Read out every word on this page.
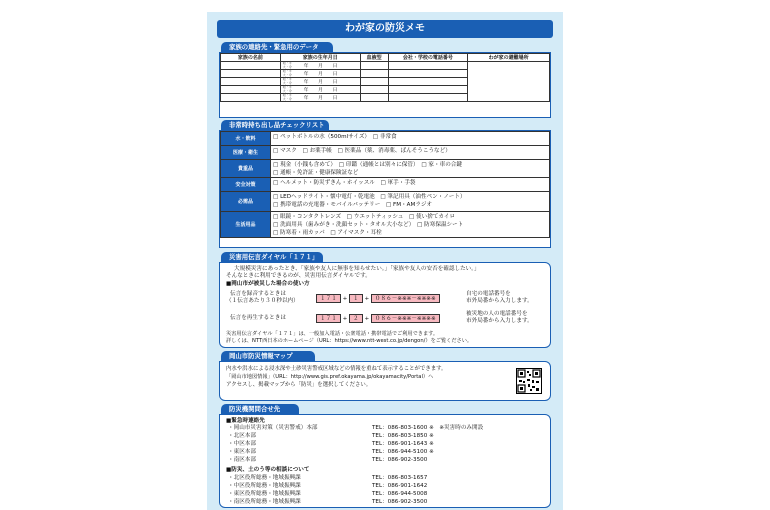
わが家の防災メモ
家族の連絡先・緊急用のデータ
家族の名前	家族の生年月日	血液型	会社・学校の電話番号	わが家の避難場所
	昭・平
大・令 年　　月　　日			
	昭・平
大・令 年　　月　　日			
	昭・平
大・令 年　　月　　日			
	昭・平
大・令 年　　月　　日			
	昭・平
大・令 年　　月　　日			
非常時持ち出し品チェックリスト
水・飲料	□ ペットボトルの水（500mlサイズ）　□ 非常食

医療・衛生	□ マスク　□ お薬手帳　□ 医薬品（薬、消毒薬、ばんそうこうなど）

貴重品	□ 現金（小銭も含めて）　□ 印鑑（通帳とは別々に保管）　□ 家・車の合鍵
□ 通帳・免許証・健康保険証など

安全対策	□ ヘルメット・防災ずきん・ホイッスル　□ 軍手・手袋

必需品	□ LEDヘッドライト・懐中電灯・乾電池　□ 筆記用具（油性ペン・ノート）
□ 携帯電話の充電器・モバイルバッテリー　□ FM・AMラジオ

生活用品	□ 眼鏡・コンタクトレンズ　□ ウエットティッシュ　□ 使い捨てカイロ
□ 洗面用具（歯みがき・洗顔セット・タオル大小など）　□ 防寒保温シート
□ 防寒着・雨カッパ　□ アイマスク・耳栓
災害用伝言ダイヤル「１７１」
大規模災害にあったとき、「家族や友人に無事を知らせたい。」「家族や友人の安否を確認したい。」
そんなときに利用できるのが、災害用伝言ダイヤルです。
■岡山市が被災した場合の使い方
伝言を録音するときは
（１伝言あたり３０秒以内）	１７１ + １ + ０８６－※※※－※※※※
自宅の電話番号を
市外局番から入力します。
伝言を再生するときは	１７１ + ２ + ０８６－※※※－※※※※
被災地の人の電話番号を
市外局番から入力します。
災害用伝言ダイヤル「１７１」は、一般加入電話・公衆電話・携帯電話でご利用できます。
詳しくは、NTT西日本のホームページ（URL：https://www.ntt-west.co.jp/dengon/）をご覧ください。
岡山市防災情報マップ
内水や洪水による浸水深や土砂災害警戒区域などの情報を重ねて表示することができます。
「岡山市地図情報」（URL：http://www.gis.pref.okayama.jp/okayamacity/Portal）へ
アクセスし、掲載マップから「防災」を選択してください。
防災機関問合せ先
■緊急時連絡先
・岡山市災害対策（災害警戒）本部	TEL：086-803-1600 ※　※災害時のみ開設
・北区本部	TEL：086-803-1850 ※
・中区本部	TEL：086-901-1643 ※
・東区本部	TEL：086-944-5100 ※
・南区本部	TEL：086-902-3500
■防災、土のう等の相談について
・北区役所総務・地域振興課	TEL：086-803-1657
・中区役所総務・地域振興課	TEL：086-901-1642
・東区役所総務・地域振興課	TEL：086-944-5008
・南区役所総務・地域振興課	TEL：086-902-3500
